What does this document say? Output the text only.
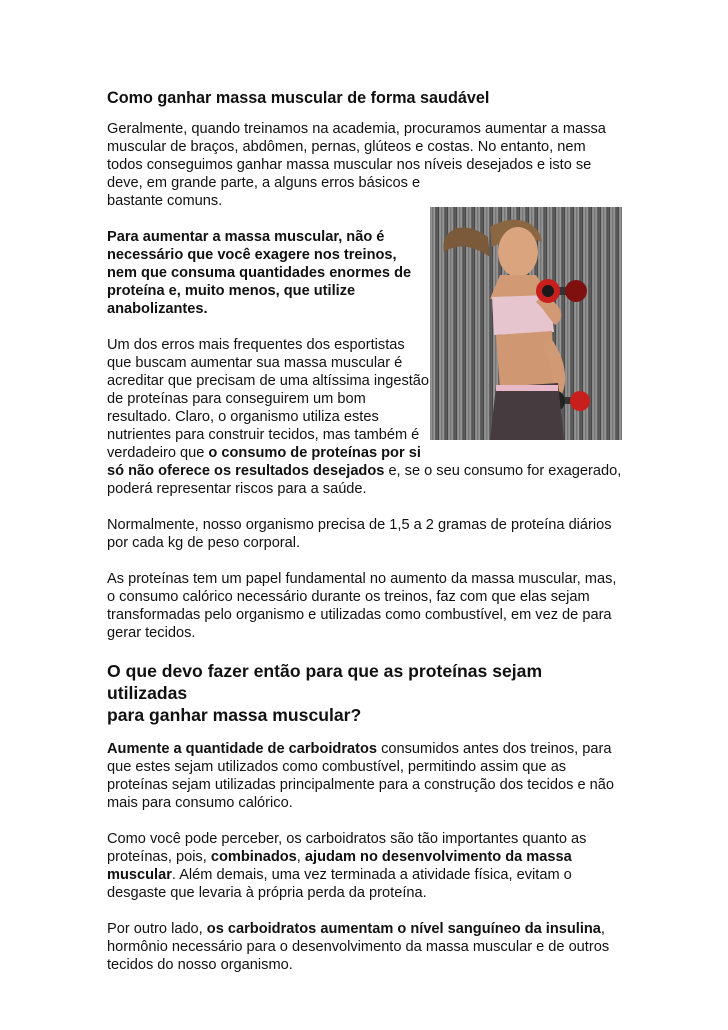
Como ganhar massa muscular de forma saudável

Geralmente, quando treinamos na academia, procuramos aumentar a massa
muscular de braços, abdômen, pernas, glúteos e costas. No entanto, nem
todos conseguimos ganhar massa muscular nos níveis desejados e isto se
deve, em grande parte, a alguns erros básicos e
bastante comuns.

Para aumentar a massa muscular, não é
necessário que você exagere nos treinos,
nem que consuma quantidades enormes de
proteína e, muito menos, que utilize
anabolizantes.

Um dos erros mais frequentes dos esportistas
que buscam aumentar sua massa muscular é
acreditar que precisam de uma altíssima ingestão
de proteínas para conseguirem um bom
resultado. Claro, o organismo utiliza estes
nutrientes para construir tecidos, mas também é
verdadeiro que o consumo de proteínas por si
só não oferece os resultados desejados e, se o seu consumo for exagerado,
poderá representar riscos para a saúde.

Normalmente, nosso organismo precisa de 1,5 a 2 gramas de proteína diários
por cada kg de peso corporal.

As proteínas tem um papel fundamental no aumento da massa muscular, mas,
o consumo calórico necessário durante os treinos, faz com que elas sejam
transformadas pelo organismo e utilizadas como combustível, em vez de para
gerar tecidos.

O que devo fazer então para que as proteínas sejam utilizadas
para ganhar massa muscular?

Aumente a quantidade de carboidratos consumidos antes dos treinos, para
que estes sejam utilizados como combustível, permitindo assim que as
proteínas sejam utilizadas principalmente para a construção dos tecidos e não
mais para consumo calórico.

Como você pode perceber, os carboidratos são tão importantes quanto as
proteínas, pois, combinados, ajudam no desenvolvimento da massa
muscular. Além demais, uma vez terminada a atividade física, evitam o
desgaste que levaria à própria perda da proteína.

Por outro lado, os carboidratos aumentam o nível sanguíneo da insulina,
hormônio necessário para o desenvolvimento da massa muscular e de outros
tecidos do nosso organismo.
